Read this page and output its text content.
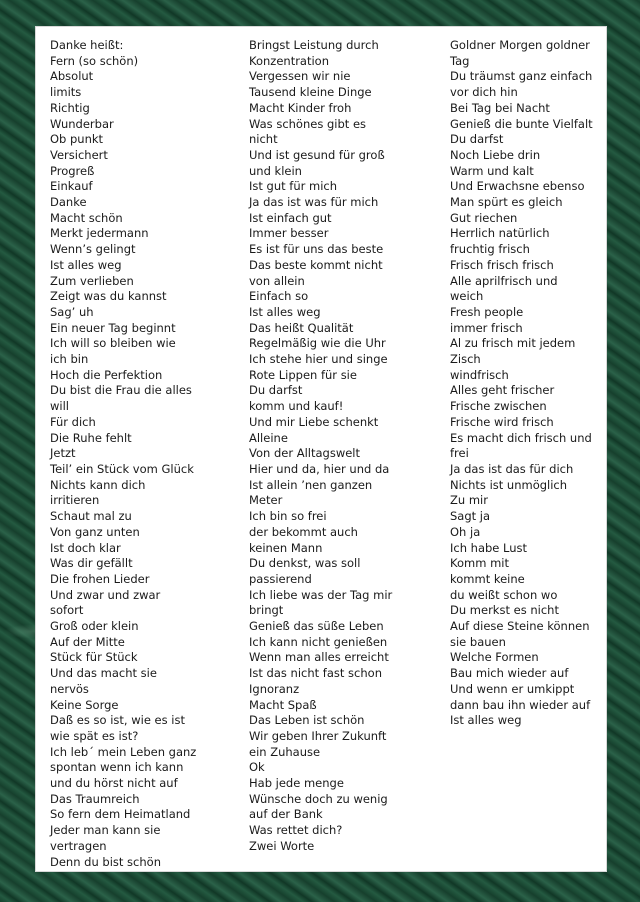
Danke heißt:
Fern (so schön)
Absolut
limits
Richtig
Wunderbar
Ob punkt
Versichert
Progreß
Einkauf
Danke
Macht schön
Merkt jedermann
Wenn’s gelingt
Ist alles weg
Zum verlieben
Zeigt was du kannst
Sag’ uh
Ein neuer Tag beginnt
Ich will so bleiben wie
ich bin
Hoch die Perfektion
Du bist die Frau die alles
will
Für dich
Die Ruhe fehlt
Jetzt
Teil’ ein Stück vom Glück
Nichts kann dich
irritieren
Schaut mal zu
Von ganz unten
Ist doch klar
Was dir gefällt
Die frohen Lieder
Und zwar und zwar
sofort
Groß oder klein
Auf der Mitte
Stück für Stück
Und das macht sie
nervös
Keine Sorge
Daß es so ist, wie es ist
wie spät es ist?
Ich leb´ mein Leben ganz
spontan wenn ich kann
und du hörst nicht auf
Das Traumreich
So fern dem Heimatland
Jeder man kann sie
vertragen
Denn du bist schön
Bringst Leistung durch
Konzentration
Vergessen wir nie
Tausend kleine Dinge
Macht Kinder froh
Was schönes gibt es
nicht
Und ist gesund für groß
und klein
Ist gut für mich
Ja das ist was für mich
Ist einfach gut
Immer besser
Es ist für uns das beste
Das beste kommt nicht
von allein
Einfach so
Ist alles weg
Das heißt Qualität
Regelmäßig wie die Uhr
Ich stehe hier und singe
Rote Lippen für sie
Du darfst
komm und kauf!
Und mir Liebe schenkt
Alleine
Von der Alltagswelt
Hier und da, hier und da
Ist allein ’nen ganzen
Meter
Ich bin so frei
der bekommt auch
keinen Mann
Du denkst, was soll
passierend
Ich liebe was der Tag mir
bringt
Genieß das süße Leben
Ich kann nicht genießen
Wenn man alles erreicht
Ist das nicht fast schon
Ignoranz
Macht Spaß
Das Leben ist schön
Wir geben Ihrer Zukunft
ein Zuhause
Ok
Hab jede menge
Wünsche doch zu wenig
auf der Bank
Was rettet dich?
Zwei Worte
Goldner Morgen goldner
Tag
Du träumst ganz einfach
vor dich hin
Bei Tag bei Nacht
Genieß die bunte Vielfalt
Du darfst
Noch Liebe drin
Warm und kalt
Und Erwachsne ebenso
Man spürt es gleich
Gut riechen
Herrlich natürlich
fruchtig frisch
Frisch frisch frisch
Alle aprilfrisch und
weich
Fresh people
immer frisch
Al zu frisch mit jedem
Zisch
windfrisch
Alles geht frischer
Frische zwischen
Frische wird frisch
Es macht dich frisch und
frei
Ja das ist das für dich
Nichts ist unmöglich
Zu mir
Sagt ja
Oh ja
Ich habe Lust
Komm mit
kommt keine
du weißt schon wo
Du merkst es nicht
Auf diese Steine können
sie bauen
Welche Formen
Bau mich wieder auf
Und wenn er umkippt
dann bau ihn wieder auf
Ist alles weg
